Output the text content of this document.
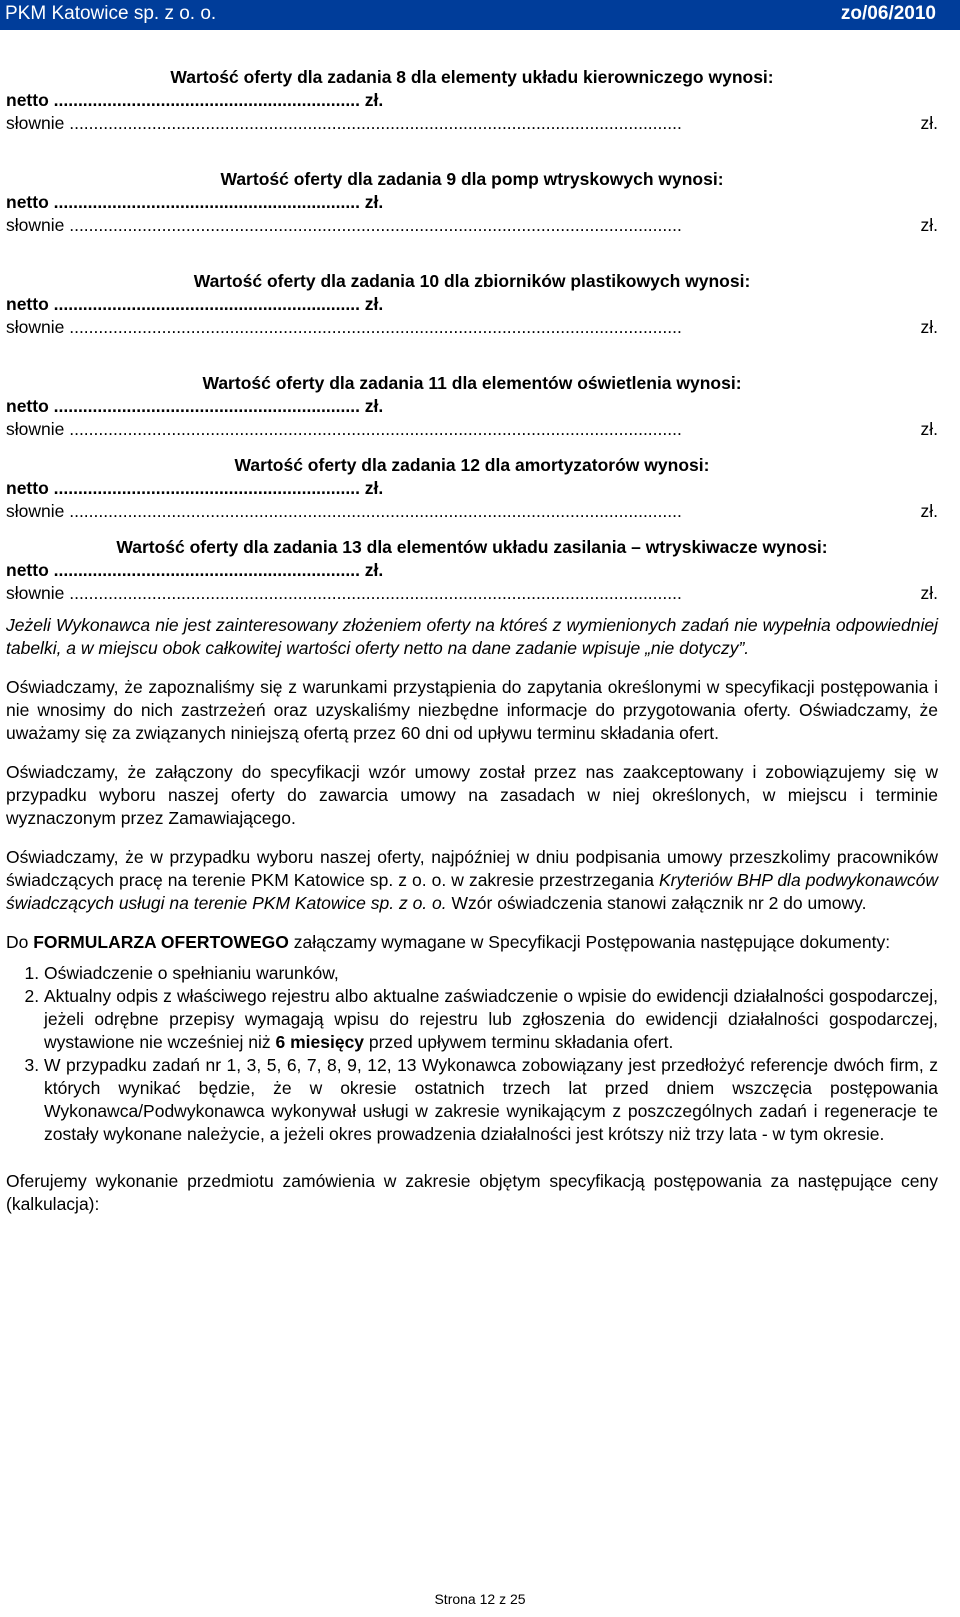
PKM Katowice sp. z o. o.	zo/06/2010
Wartość oferty dla zadania 8 dla elementy układu kierowniczego wynosi:
netto ............................................................... zł.
słownie ..............................................................................................................................	zł.
Wartość oferty dla zadania 9 dla pomp wtryskowych wynosi:
netto ............................................................... zł.
słownie ..............................................................................................................................	zł.
Wartość oferty dla zadania 10 dla zbiorników plastikowych wynosi:
netto ............................................................... zł.
słownie ..............................................................................................................................	zł.
Wartość oferty dla zadania 11 dla elementów oświetlenia wynosi:
netto ............................................................... zł.
słownie ..............................................................................................................................	zł.
Wartość oferty dla zadania 12 dla amortyzatorów wynosi:
netto ............................................................... zł.
słownie ..............................................................................................................................	zł.
Wartość oferty dla zadania 13 dla elementów układu zasilania – wtryskiwacze wynosi:
netto ............................................................... zł.
słownie ..............................................................................................................................	zł.
Jeżeli Wykonawca nie jest zainteresowany złożeniem oferty na któreś z wymienionych zadań nie wypełnia odpowiedniej tabelki, a w miejscu obok całkowitej wartości oferty netto na dane zadanie wpisuje „nie dotyczy”.

Oświadczamy, że zapoznaliśmy się z warunkami przystąpienia do zapytania określonymi w specyfikacji postępowania i nie wnosimy do nich zastrzeżeń oraz uzyskaliśmy niezbędne informacje do przygotowania oferty. Oświadczamy, że uważamy się za związanych niniejszą ofertą przez 60 dni od upływu terminu składania ofert.

Oświadczamy, że załączony do specyfikacji wzór umowy został przez nas zaakceptowany i zobowiązujemy się w przypadku wyboru naszej oferty do zawarcia umowy na zasadach w niej określonych, w miejscu i terminie wyznaczonym przez Zamawiającego.

Oświadczamy, że w przypadku wyboru naszej oferty, najpóźniej w dniu podpisania umowy przeszkolimy pracowników świadczących pracę na terenie PKM Katowice sp. z o. o. w zakresie przestrzegania Kryteriów BHP dla podwykonawców świadczących usługi na terenie PKM Katowice sp. z o. o. Wzór oświadczenia stanowi załącznik nr 2 do umowy.

Do FORMULARZA OFERTOWEGO załączamy wymagane w Specyfikacji Postępowania następujące dokumenty:

1. Oświadczenie o spełnianiu warunków,
2. Aktualny odpis z właściwego rejestru albo aktualne zaświadczenie o wpisie do ewidencji działalności gospodarczej, jeżeli odrębne przepisy wymagają wpisu do rejestru lub zgłoszenia do ewidencji działalności gospodarczej, wystawione nie wcześniej niż 6 miesięcy przed upływem terminu składania ofert.
3. W przypadku zadań nr 1, 3, 5, 6, 7, 8, 9, 12, 13 Wykonawca zobowiązany jest przedłożyć referencje dwóch firm, z których wynikać będzie, że w okresie ostatnich trzech lat przed dniem wszczęcia postępowania Wykonawca/Podwykonawca wykonywał usługi w zakresie wynikającym z poszczególnych zadań i regeneracje te zostały wykonane należycie, a jeżeli okres prowadzenia działalności jest krótszy niż trzy lata - w tym okresie.

Oferujemy wykonanie przedmiotu zamówienia w zakresie objętym specyfikacją postępowania za następujące ceny (kalkulacja):

Strona 12 z 25
